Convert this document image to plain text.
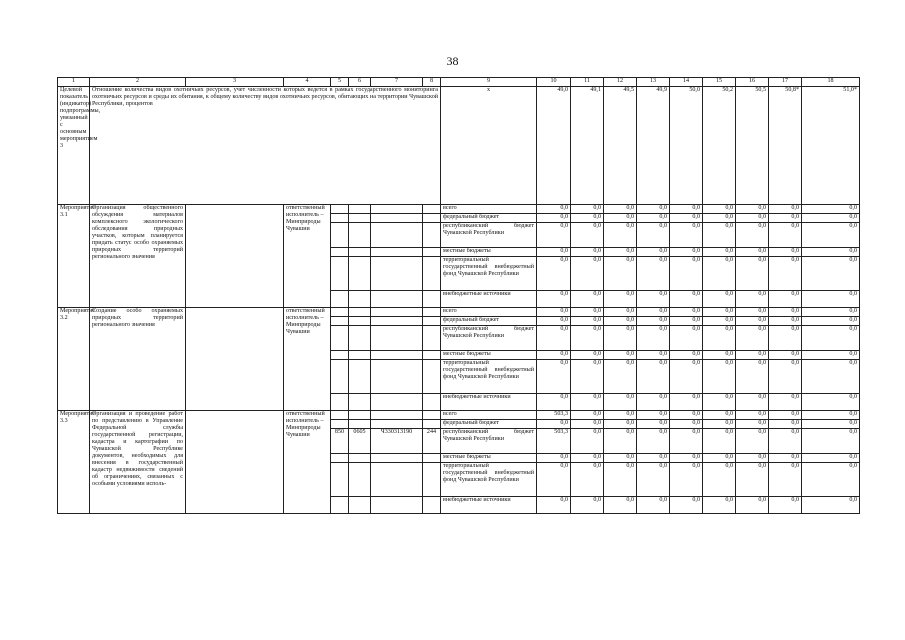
38
1	2	3	4	5	6	7	8	9	10	11	12	13	14	15	16	17	18
Целевой показатель (индикатор) подпрограммы, увязанный с основным мероприятием 3	Отношение количества видов охотничьих ресурсов, учет численности которых ведется в рамках государственного мониторинга охотничьих ресурсов и среды их обитания, к общему количеству видов охотничьих ресурсов, обитающих на территории Чувашской Республики, процентов							x	49,0	49,1	49,5	49,9	50,0	50,2	50,5	50,8*	51,0*
Мероприятие 3.1	Организация общественного обсуждения материалов комплексного экологического обследования природных участков, которым планируется придать статус особо охраняемых природных территорий регионального значения		ответственный исполнитель – Минприроды Чувашии					всего	0,0	0,0	0,0	0,0	0,0	0,0	0,0	0,0	0,0
								федеральный бюджет	0,0	0,0	0,0	0,0	0,0	0,0	0,0	0,0	0,0
								республиканский бюджет Чувашской Республики	0,0	0,0	0,0	0,0	0,0	0,0	0,0	0,0	0,0
								местные бюджеты	0,0	0,0	0,0	0,0	0,0	0,0	0,0	0,0	0,0
								территориальный государственный внебюджетный фонд Чувашской Республики	0,0	0,0	0,0	0,0	0,0	0,0	0,0	0,0	0,0
								внебюджетные источники	0,0	0,0	0,0	0,0	0,0	0,0	0,0	0,0	0,0
Мероприятие 3.2	Создание особо охраняемых природных территорий регионального значения		ответственный исполнитель – Минприроды Чувашии					всего	0,0	0,0	0,0	0,0	0,0	0,0	0,0	0,0	0,0
								федеральный бюджет	0,0	0,0	0,0	0,0	0,0	0,0	0,0	0,0	0,0
								республиканский бюджет Чувашской Республики	0,0	0,0	0,0	0,0	0,0	0,0	0,0	0,0	0,0
								местные бюджеты	0,0	0,0	0,0	0,0	0,0	0,0	0,0	0,0	0,0
								территориальный государственный внебюджетный фонд Чувашской Республики	0,0	0,0	0,0	0,0	0,0	0,0	0,0	0,0	0,0
								внебюджетные источники	0,0	0,0	0,0	0,0	0,0	0,0	0,0	0,0	0,0
Мероприятие 3.3	Организация и проведение работ по представлению в Управление Федеральной службы государственной регистрации, кадастра и картографии по Чувашской Республике документов, необходимых для внесения в государственный кадастр недвижимости сведений об ограничениях, связанных с особыми условиями исполь-		ответственный исполнитель – Минприроды Чувашии					всего	503,3	0,0	0,0	0,0	0,0	0,0	0,0	0,0	0,0
								федеральный бюджет	0,0	0,0	0,0	0,0	0,0	0,0	0,0	0,0	0,0
				850	0605	Ч330313190	244	республиканский бюджет Чувашской Республики	503,3	0,0	0,0	0,0	0,0	0,0	0,0	0,0	0,0
								местные бюджеты	0,0	0,0	0,0	0,0	0,0	0,0	0,0	0,0	0,0
								территориальный государственный внебюджетный фонд Чувашской Республики	0,0	0,0	0,0	0,0	0,0	0,0	0,0	0,0	0,0
								внебюджетные источники	0,0	0,0	0,0	0,0	0,0	0,0	0,0	0,0	0,0
